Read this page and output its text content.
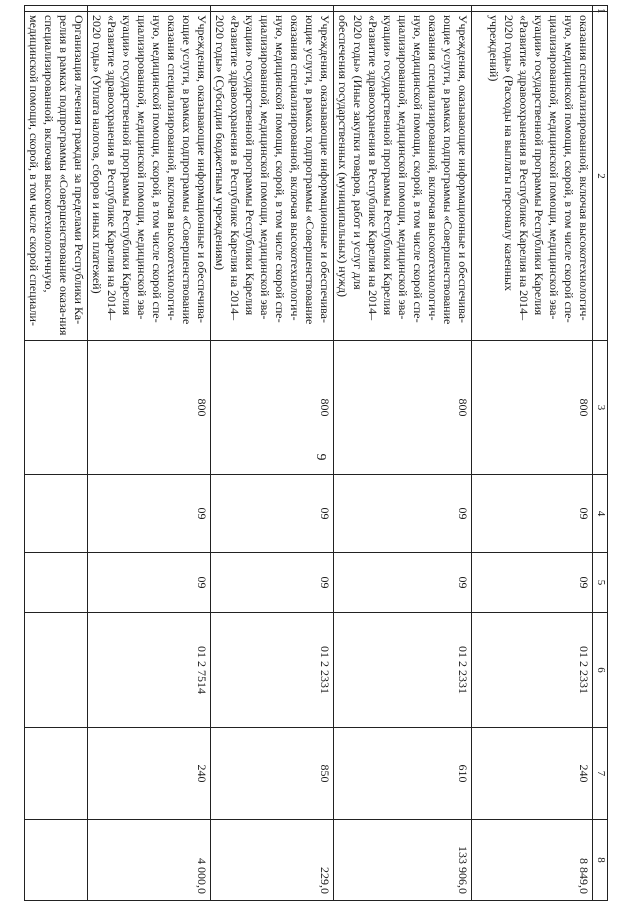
9
1	2	3	4	5	6	7	8
	оказания специализированной, включая высокотехнологич-ную, медицинской помощи, скорой, в том числе скорой спе-циализированной, медицинской помощи, медицинской эва-куации» государственной программы Республики Карелия «Развитие здравоохранения в Республике Карелия на 2014–2020 годы» (Расходы на выплаты персоналу казенных учреждений)	800	09	09	01 2 2331	240	8 849,0
	Учреждения, оказывающие информационные и обеспечива-ющие услуги, в рамках подпрограммы «Совершенствование оказания специализированной, включая высокотехнологич-ную, медицинской помощи, скорой, в том числе скорой спе-циализированной, медицинской помощи, медицинской эва-куации» государственной программы Республики Карелия «Развитие здравоохранения в Республике Карелия на 2014–2020 годы» (Иные закупки товаров, работ и услуг для обеспечения государственных (муниципальных) нужд)	800	09	09	01 2 2331	610	133 906,0
	Учреждения, оказывающие информационные и обеспечива-ющие услуги, в рамках подпрограммы «Совершенствование оказания специализированной, включая высокотехнологич-ную, медицинской помощи, скорой, в том числе скорой спе-циализированной, медицинской помощи, медицинской эва-куации» государственной программы Республики Карелия «Развитие здравоохранения в Республике Карелия на 2014–2020 годы» (Субсидии бюджетным учреждениям)	800	09	09	01 2 2331	850	229,0
	Учреждения, оказывающие информационные и обеспечива-ющие услуги, в рамках подпрограммы «Совершенствование оказания специализированной, включая высокотехнологич-ную, медицинской помощи, скорой, в том числе скорой спе-циализированной, медицинской помощи, медицинской эва-куации» государственной программы Республики Карелия «Развитие здравоохранения в Республике Карелия на 2014–2020 годы» (Уплата налогов, сборов и иных платежей)	800	09	09	01 2 7514	240	4 000,0
	Организация лечения граждан за пределами Республики Ка-релия в рамках подпрограммы «Совершенствование оказа-ния специализированной, включая высокотехнологичную, медицинской помощи, скорой, в том числе скорой специали-						
